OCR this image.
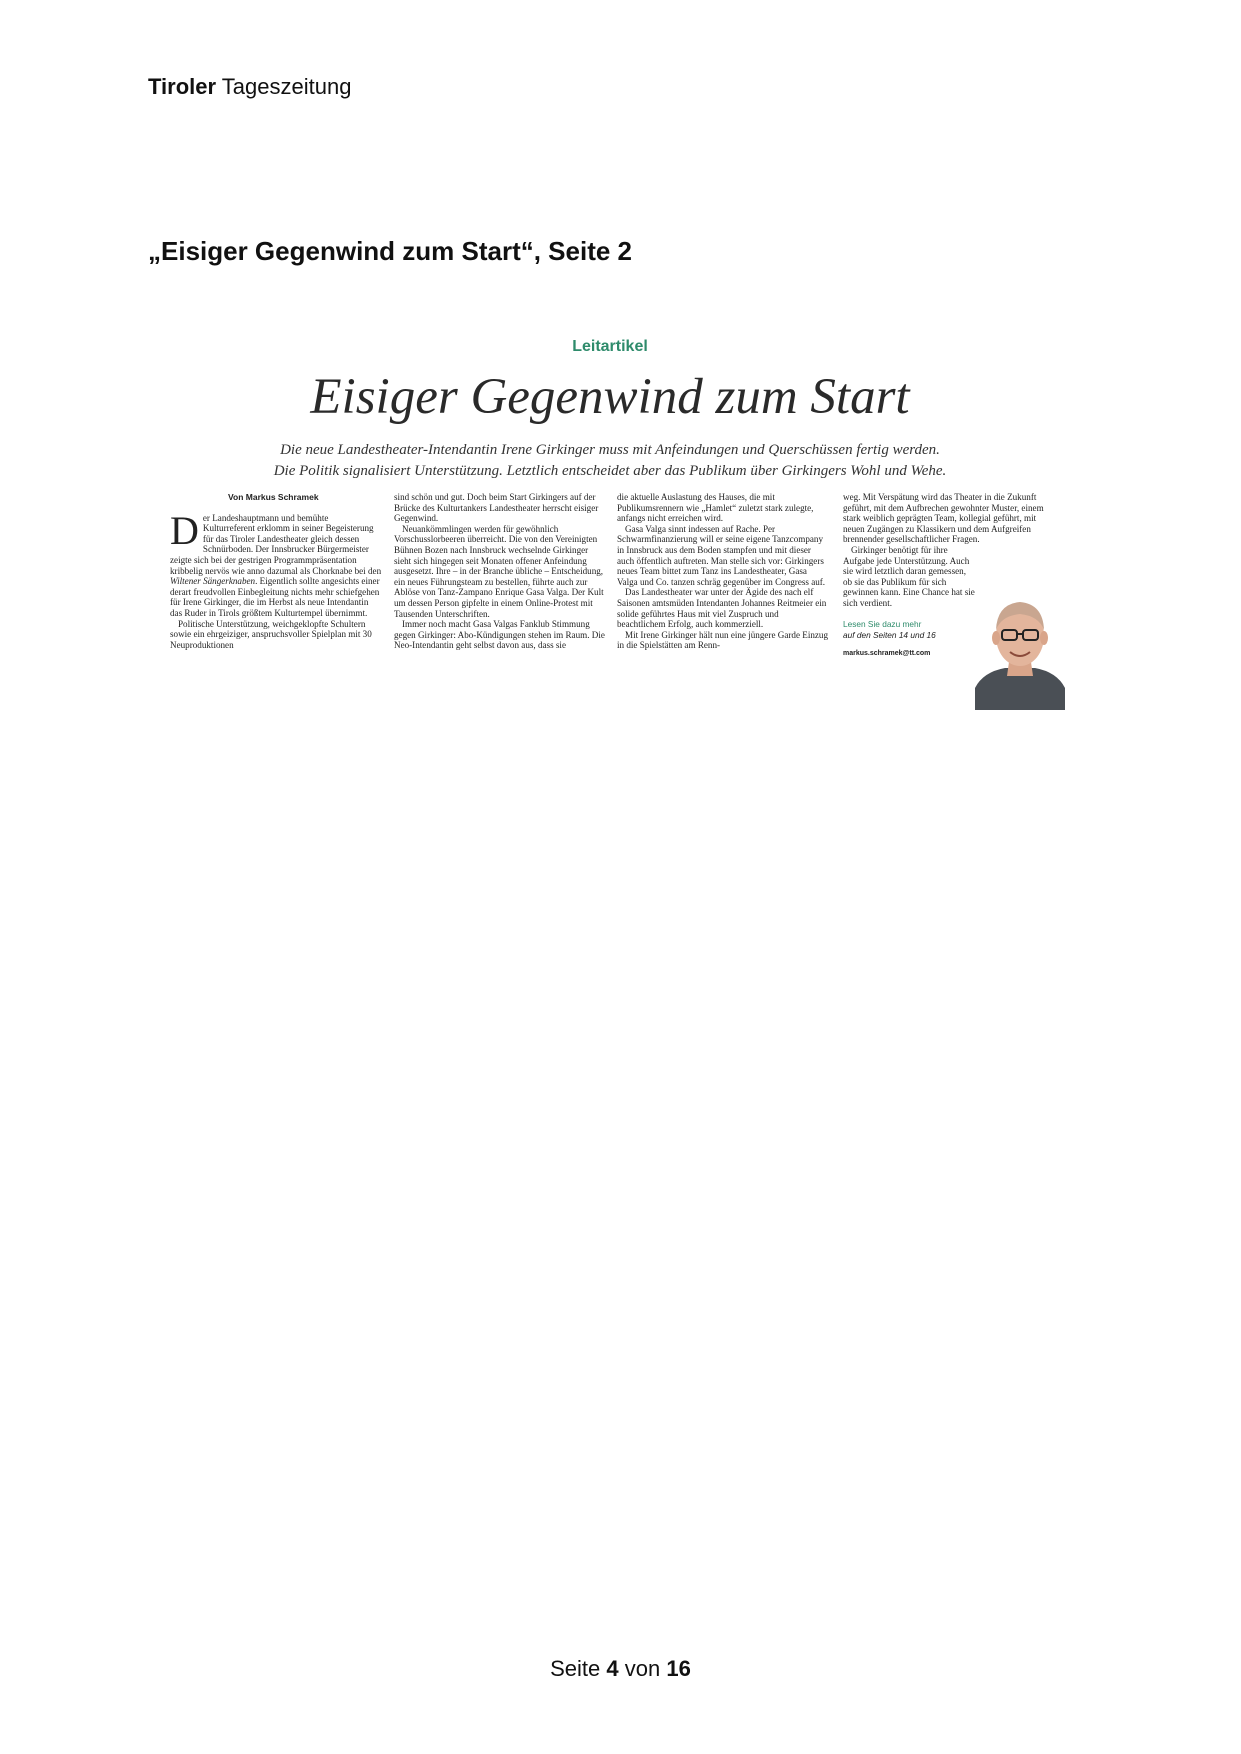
Tiroler Tageszeitung
„Eisiger Gegenwind zum Start“, Seite 2
Leitartikel
Eisiger Gegenwind zum Start
Die neue Landestheater-Intendantin Irene Girkinger muss mit Anfeindungen und Querschüssen fertig werden.
Die Politik signalisiert Unterstützung. Letztlich entscheidet aber das Publikum über Girkingers Wohl und Wehe.
Von Markus Schramek

Der Landeshauptmann und bemühte Kulturreferent erklomm in seiner Begeisterung für das Tiroler Landestheater gleich dessen Schnürboden. Der Innsbrucker Bürgermeister zeigte sich bei der gestrigen Programmpräsentation kribbelig nervös wie anno dazumal als Chorknabe bei den Wiltener Sängerknaben. Eigentlich sollte angesichts einer derart freudvollen Einbegleitung nichts mehr schiefgehen für Irene Girkinger, die im Herbst als neue Intendantin das Ruder in Tirols größtem Kulturtempel übernimmt.

Politische Unterstützung, weichgeklopfte Schultern sowie ein ehrgeiziger, anspruchsvoller Spielplan mit 30 Neuproduktionen

sind schön und gut. Doch beim Start Girkingers auf der Brücke des Kulturtankers Landestheater herrscht eisiger Gegenwind.

Neuankömmlingen werden für gewöhnlich Vorschusslorbeeren überreicht. Die von den Vereinigten Bühnen Bozen nach Innsbruck wechselnde Girkinger sieht sich hingegen seit Monaten offener Anfeindung ausgesetzt. Ihre – in der Branche übliche – Entscheidung, ein neues Führungsteam zu bestellen, führte auch zur Ablöse von Tanz-Zampano Enrique Gasa Valga. Der Kult um dessen Person gipfelte in einem Online-Protest mit Tausenden Unterschriften.

Immer noch macht Gasa Valgas Fanklub Stimmung gegen Girkinger: Abo-Kündigungen stehen im Raum. Die Neo-Intendantin geht selbst davon aus, dass sie

die aktuelle Auslastung des Hauses, die mit Publikumsrennern wie „Hamlet“ zuletzt stark zulegte, anfangs nicht erreichen wird.

Gasa Valga sinnt indessen auf Rache. Per Schwarmfinanzierung will er seine eigene Tanzcompany in Innsbruck aus dem Boden stampfen und mit dieser auch öffentlich auftreten. Man stelle sich vor: Girkingers neues Team bittet zum Tanz ins Landestheater, Gasa Valga und Co. tanzen schräg gegenüber im Congress auf.

Das Landestheater war unter der Ägide des nach elf Saisonen amtsmüden Intendanten Johannes Reitmeier ein solide geführtes Haus mit viel Zuspruch und beachtlichem Erfolg, auch kommerziell.

Mit Irene Girkinger hält nun eine jüngere Garde Einzug in die Spielstätten am Renn-

weg. Mit Verspätung wird das Theater in die Zukunft geführt, mit dem Aufbrechen gewohnter Muster, einem stark weiblich geprägten Team, kollegial geführt, mit neuen Zugängen zu Klassikern und dem Aufgreifen brennender gesellschaftlicher Fragen.

Girkinger benötigt für ihre Aufgabe jede Unterstützung. Auch sie wird letztlich daran gemessen, ob sie das Publikum für sich gewinnen kann. Eine Chance hat sie sich verdient.

Lesen Sie dazu mehr
auf den Seiten 14 und 16
markus.schramek@tt.com
Seite 4 von 16
